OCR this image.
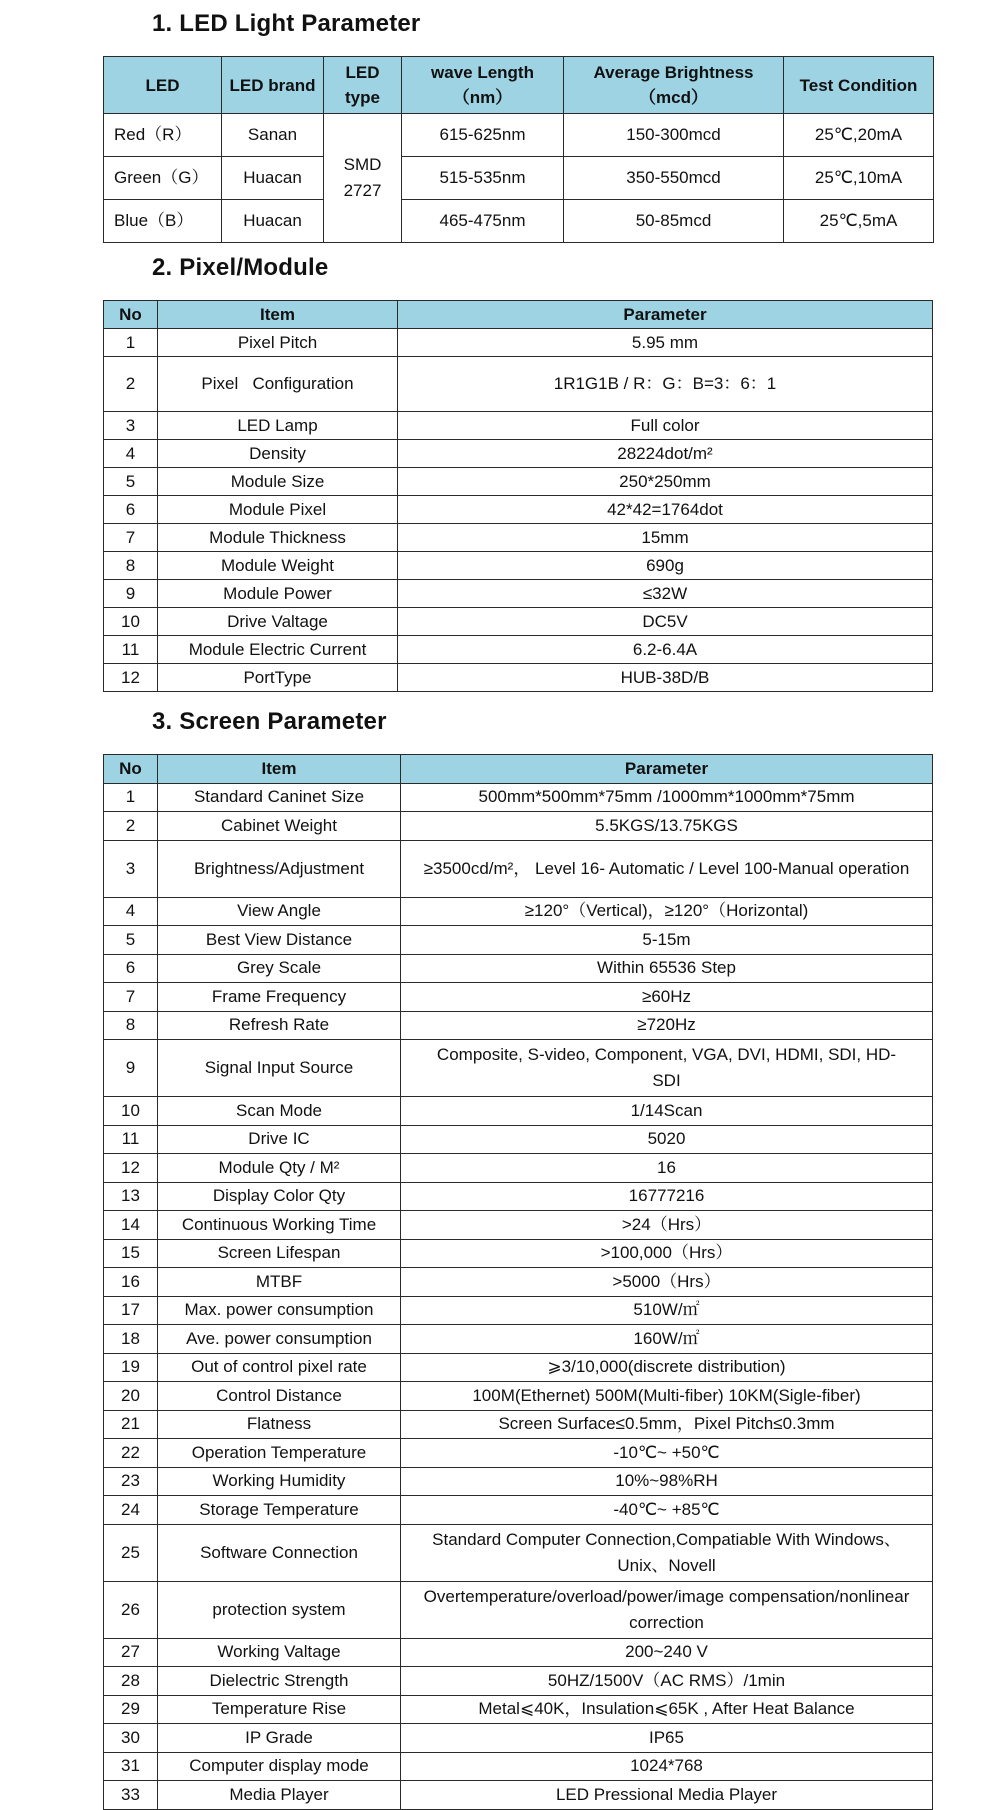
1. LED Light Parameter
LED	LED brand	LED type	wave Length （nm）	Average Brightness （mcd）	Test Condition
Red（R）	Sanan	SMD 2727	615-625nm	150-300mcd	25℃,20mA
Green（G）	Huacan		515-535nm	350-550mcd	25℃,10mA
Blue（B）	Huacan		465-475nm	50-85mcd	25℃,5mA
2. Pixel/Module
No	Item	Parameter
1	Pixel Pitch	5.95 mm
2	Pixel   Configuration	1R1G1B / R：G：B=3：6：1
3	LED Lamp	Full color
4	Density	28224dot/m²
5	Module Size	250*250mm
6	Module Pixel	42*42=1764dot
7	Module Thickness	15mm
8	Module Weight	690g
9	Module Power	≤32W
10	Drive Valtage	DC5V
11	Module Electric Current	6.2-6.4A
12	PortType	HUB-38D/B
3. Screen Parameter
No	Item	Parameter
1	Standard Caninet Size	500mm*500mm*75mm /1000mm*1000mm*75mm
2	Cabinet Weight	5.5KGS/13.75KGS
3	Brightness/Adjustment	≥3500cd/m²， Level 16- Automatic / Level 100-Manual operation
4	View Angle	≥120°（Vertical)，≥120°（Horizontal)
5	Best View Distance	5-15m
6	Grey Scale	Within 65536 Step
7	Frame Frequency	≥60Hz
8	Refresh Rate	≥720Hz
9	Signal Input Source	Composite, S-video, Component, VGA, DVI, HDMI, SDI, HD-SDI
10	Scan Mode	1/14Scan
11	Drive IC	5020
12	Module Qty / M²	16
13	Display Color Qty	16777216
14	Continuous Working Time	>24（Hrs）
15	Screen Lifespan	>100,000（Hrs）
16	MTBF	>5000（Hrs）
17	Max. power consumption	510W/㎡
18	Ave. power consumption	160W/㎡
19	Out of control pixel rate	⩾3/10,000(discrete distribution)
20	Control Distance	100M(Ethernet) 500M(Multi-fiber) 10KM(Sigle-fiber)
21	Flatness	Screen Surface≤0.5mm，Pixel Pitch≤0.3mm
22	Operation Temperature	-10℃~ +50℃
23	Working Humidity	10%~98%RH
24	Storage Temperature	-40℃~ +85℃
25	Software Connection	Standard Computer Connection,Compatiable With Windows、Unix、Novell
26	protection system	Overtemperature/overload/power/image compensation/nonlinear correction
27	Working Valtage	200~240 V
28	Dielectric Strength	50HZ/1500V（AC RMS）/1min
29	Temperature Rise	Metal⩽40K，Insulation⩽65K , After Heat Balance
30	IP Grade	IP65
31	Computer display mode	1024*768
33	Media Player	LED Pressional Media Player
